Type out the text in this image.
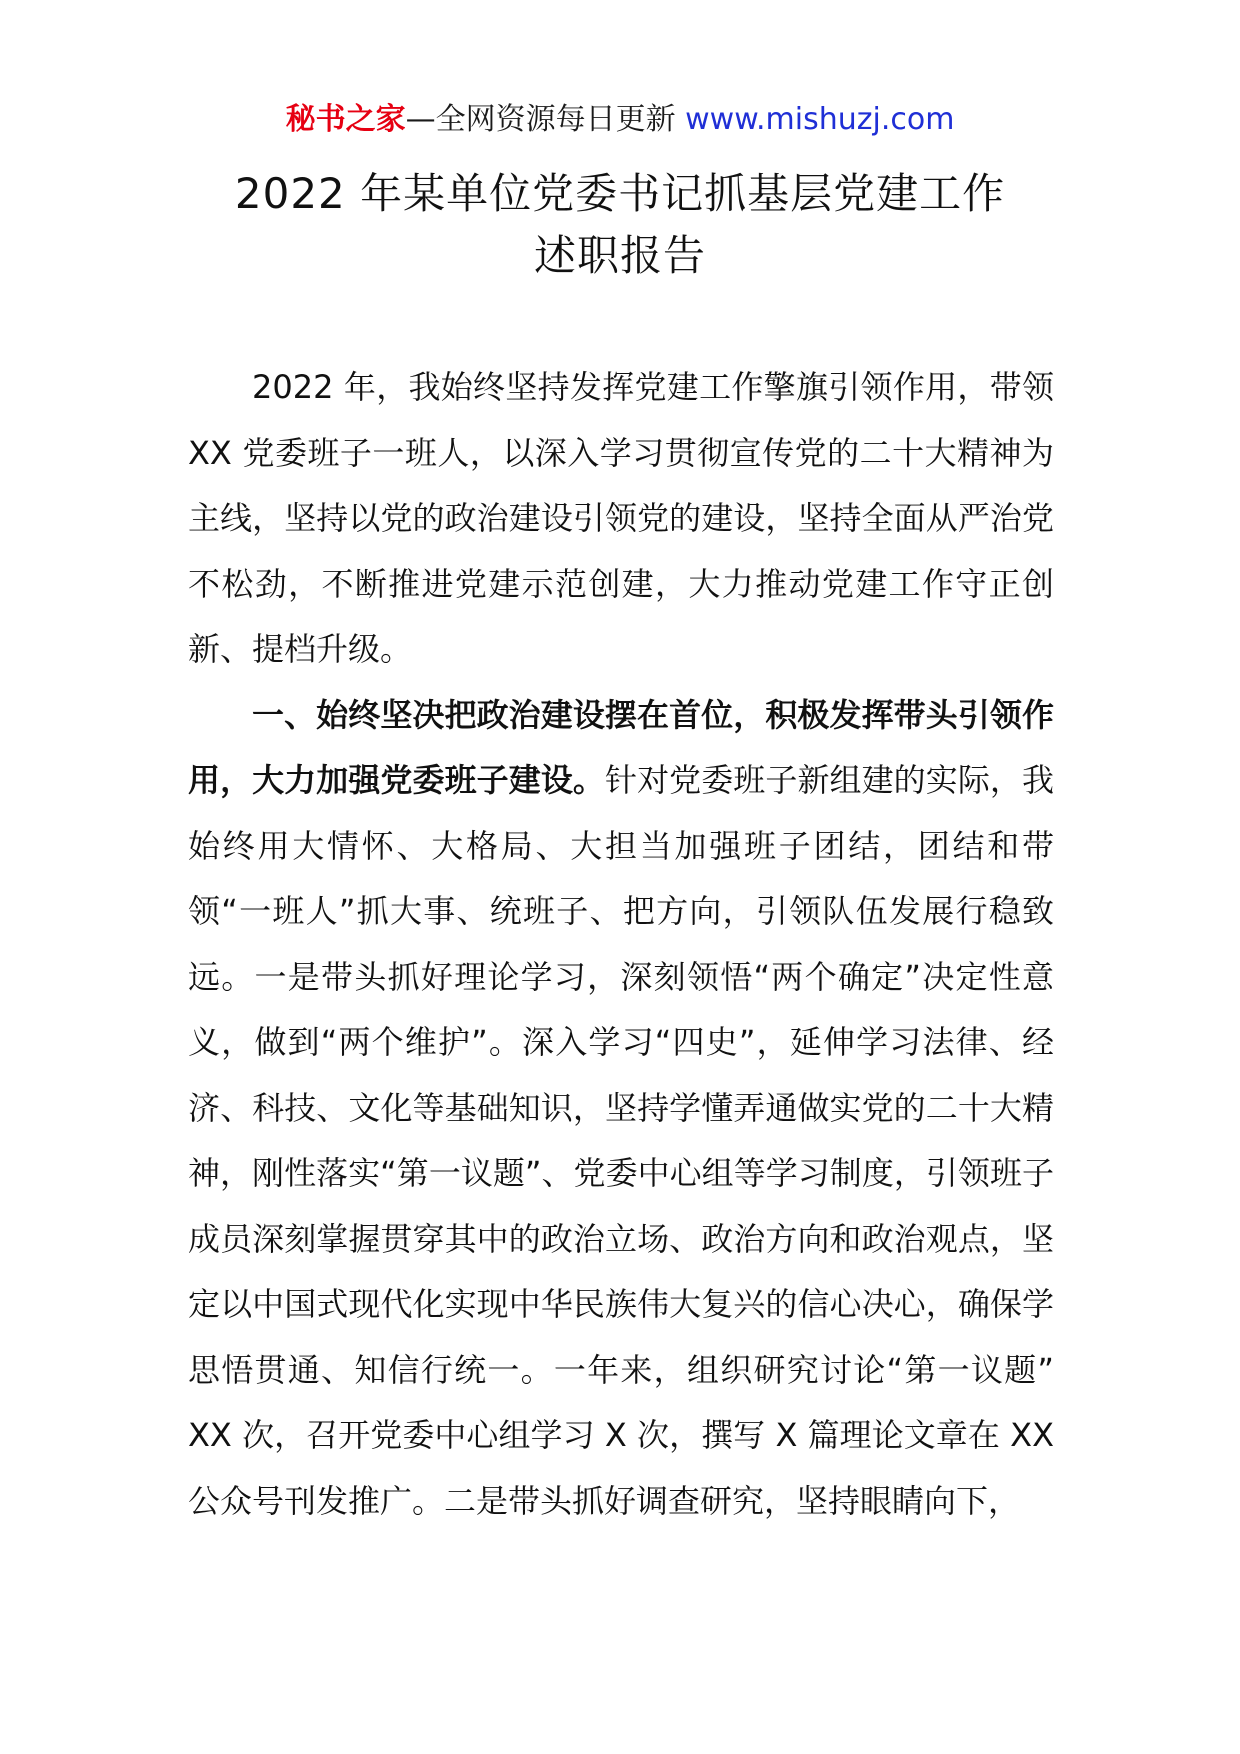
秘书之家—全网资源每日更新 www.mishuzj.com
2022 年某单位党委书记抓基层党建工作
述职报告

2022 年，我始终坚持发挥党建工作擎旗引领作用，带领 XX 党委班子一班人，以深入学习贯彻宣传党的二十大精神为主线，坚持以党的政治建设引领党的建设，坚持全面从严治党不松劲，不断推进党建示范创建，大力推动党建工作守正创新、提档升级。

一、始终坚决把政治建设摆在首位，积极发挥带头引领作用，大力加强党委班子建设。针对党委班子新组建的实际，我始终用大情怀、大格局、大担当加强班子团结，团结和带领“一班人”抓大事、统班子、把方向，引领队伍发展行稳致远。一是带头抓好理论学习，深刻领悟“两个确定”决定性意义，做到“两个维护”。深入学习“四史”，延伸学习法律、经济、科技、文化等基础知识，坚持学懂弄通做实党的二十大精神，刚性落实“第一议题”、党委中心组等学习制度，引领班子成员深刻掌握贯穿其中的政治立场、政治方向和政治观点，坚定以中国式现代化实现中华民族伟大复兴的信心决心，确保学思悟贯通、知信行统一。一年来，组织研究讨论“第一议题” XX 次，召开党委中心组学习 X 次，撰写 X 篇理论文章在 XX 公众号刊发推广。二是带头抓好调查研究，坚持眼睛向下，
